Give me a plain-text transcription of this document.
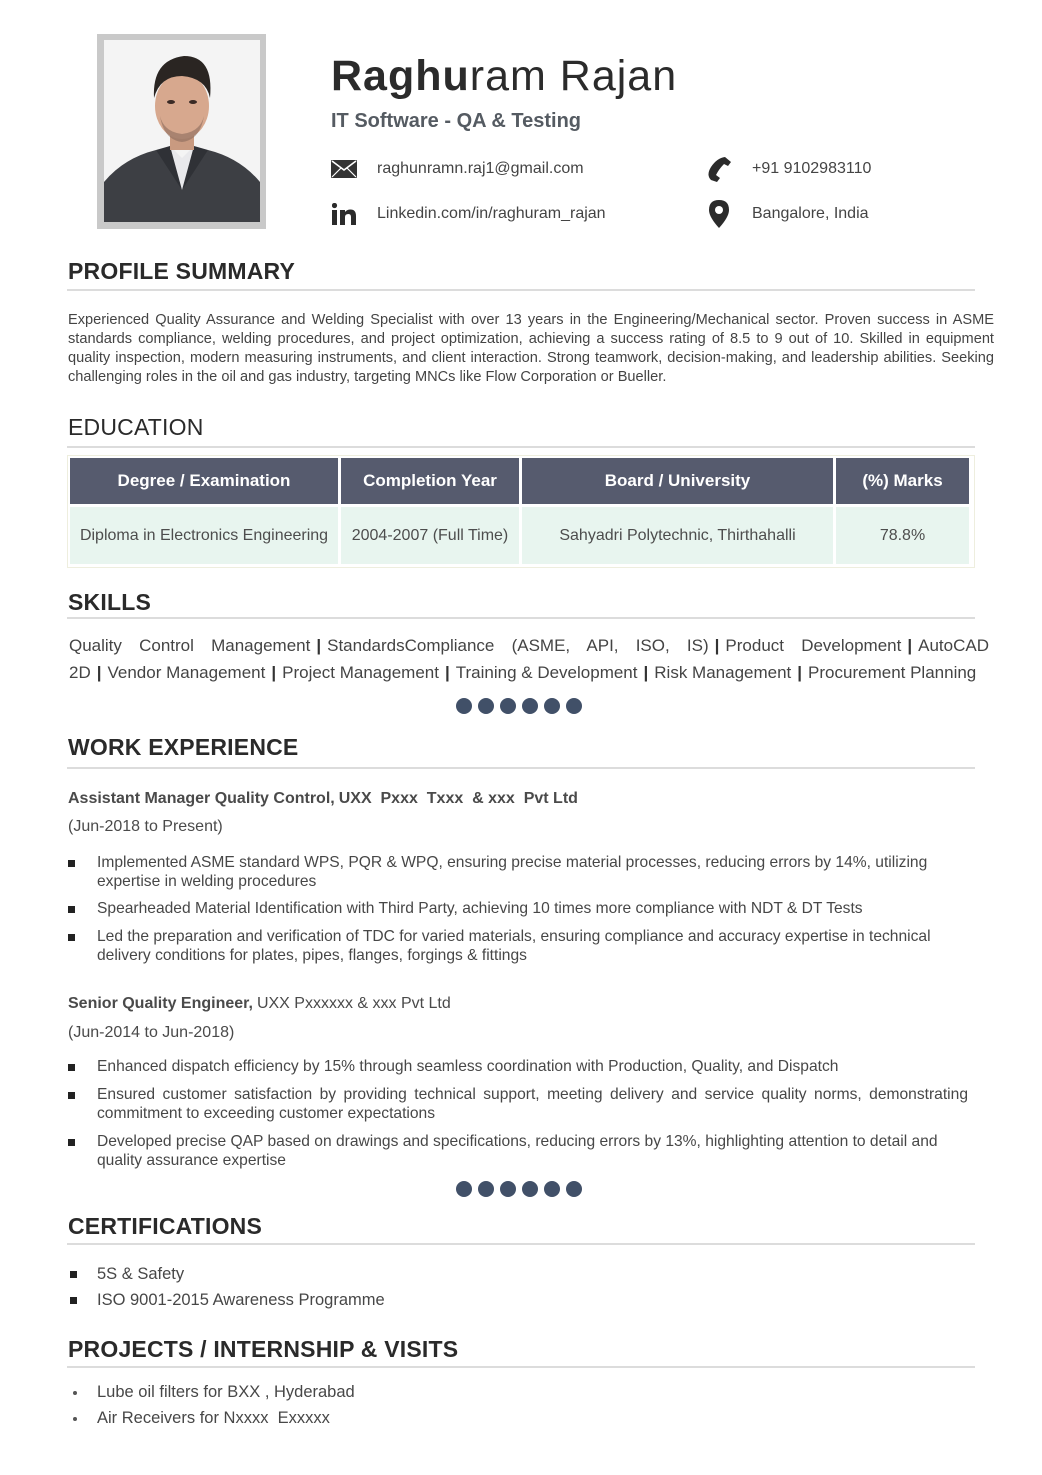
Raghuram Rajan
IT Software - QA & Testing
raghunramn.raj1@gmail.com	+91 9102983110
Linkedin.com/in/raghuram_rajan	Bangalore, India
PROFILE SUMMARY
Experienced Quality Assurance and Welding Specialist with over 13 years in the Engineering/Mechanical sector. Proven success in ASME standards compliance, welding procedures, and project optimization, achieving a success rating of 8.5 to 9 out of 10. Skilled in equipment quality inspection, modern measuring instruments, and client interaction. Strong teamwork, decision-making, and leadership abilities. Seeking challenging roles in the oil and gas industry, targeting MNCs like Flow Corporation or Bueller.
EDUCATION
Degree / Examination	Completion Year	Board / University	(%) Marks
Diploma in Electronics Engineering	2004-2007 (Full Time)	Sahyadri Polytechnic, Thirthahalli	78.8%
SKILLS
Quality Control Management | StandardsCompliance (ASME, API, ISO, IS) | Product Development | AutoCAD 2D | Vendor Management | Project Management | Training & Development | Risk Management | Procurement Planning
WORK EXPERIENCE
Assistant Manager Quality Control, UXX  Pxxx  Txxx  & xxx  Pvt Ltd
(Jun-2018 to Present)
Implemented ASME standard WPS, PQR & WPQ, ensuring precise material processes, reducing errors by 14%, utilizing expertise in welding procedures
Spearheaded Material Identification with Third Party, achieving 10 times more compliance with NDT & DT Tests
Led the preparation and verification of TDC for varied materials, ensuring compliance and accuracy expertise in technical delivery conditions for plates, pipes, flanges, forgings & fittings
Senior Quality Engineer, UXX Pxxxxxx & xxx Pvt Ltd
(Jun-2014 to Jun-2018)
Enhanced dispatch efficiency by 15% through seamless coordination with Production, Quality, and Dispatch
Ensured customer satisfaction by providing technical support, meeting delivery and service quality norms, demonstrating commitment to exceeding customer expectations
Developed precise QAP based on drawings and specifications, reducing errors by 13%, highlighting attention to detail and quality assurance expertise
CERTIFICATIONS
5S & Safety
ISO 9001-2015 Awareness Programme
PROJECTS / INTERNSHIP & VISITS
Lube oil filters for BXX , Hyderabad
Air Receivers for Nxxxx  Exxxxx
